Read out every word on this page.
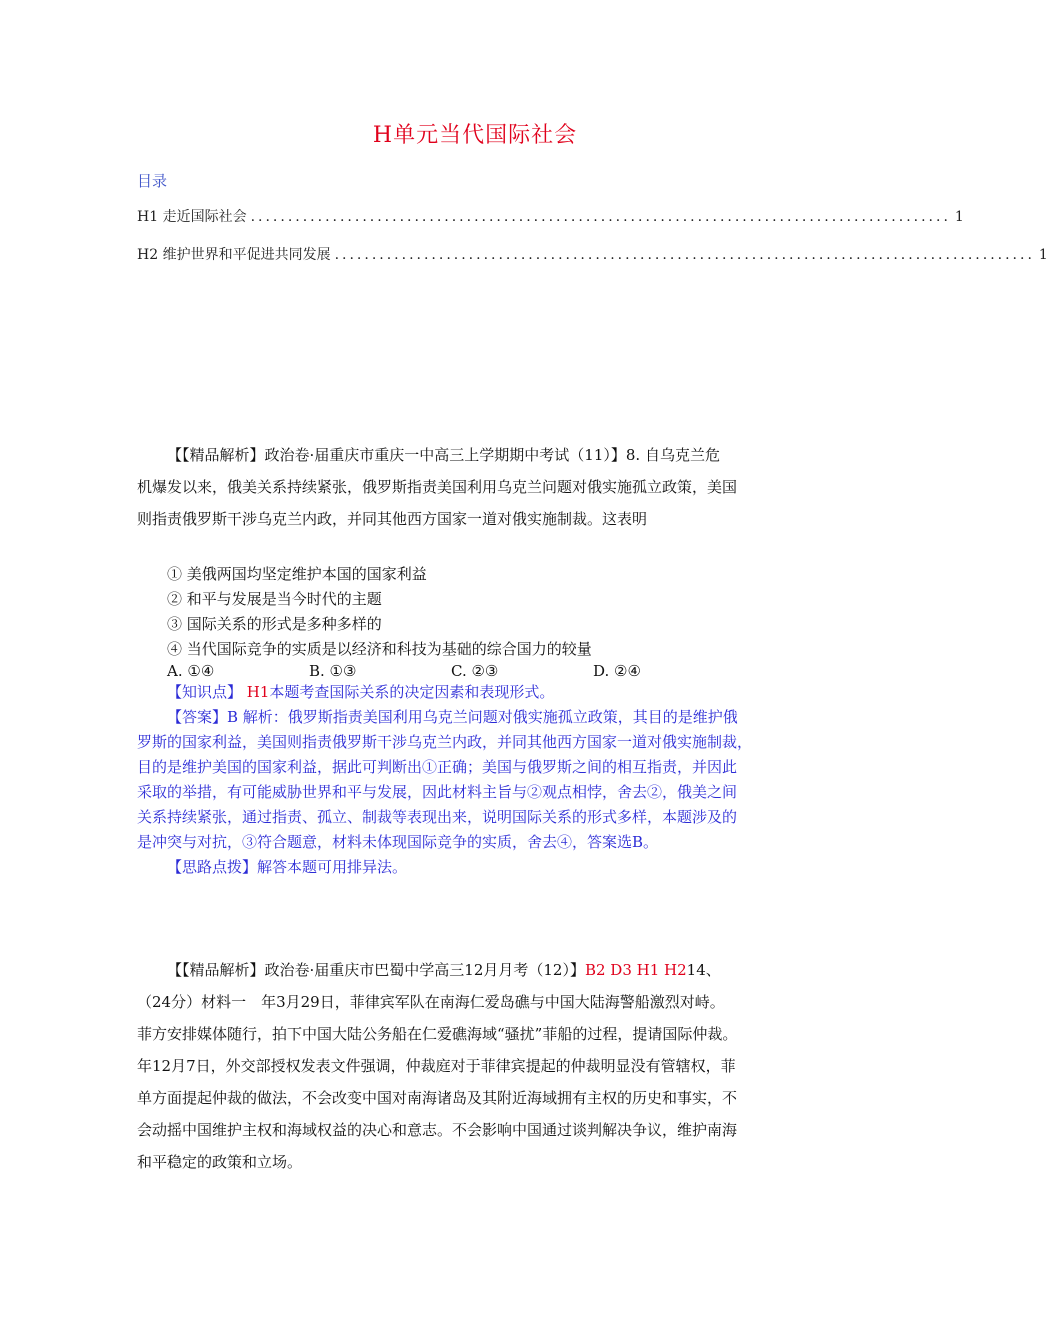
H单元当代国际社会
目录
H1 走近国际社会 .............................................................................................. 1
H2 维护世界和平促进共同发展 .............................................................................................. 1

【【精品解析】政治卷·届重庆市重庆一中高三上学期期中考试（11）】8. 自乌克兰危

机爆发以来，俄美关系持续紧张，俄罗斯指责美国利用乌克兰问题对俄实施孤立政策，美国

则指责俄罗斯干涉乌克兰内政，并同其他西方国家一道对俄实施制裁。这表明

① 美俄两国均坚定维护本国的国家利益

② 和平与发展是当今时代的主题

③ 国际关系的形式是多种多样的

④ 当代国际竞争的实质是以经济和科技为基础的综合国力的较量

A. ①④	B. ①③	C. ②③	D. ②④

【知识点】 H1本题考查国际关系的决定因素和表现形式。

【答案】B 解析：俄罗斯指责美国利用乌克兰问题对俄实施孤立政策，其目的是维护俄

罗斯的国家利益，美国则指责俄罗斯干涉乌克兰内政，并同其他西方国家一道对俄实施制裁，

目的是维护美国的国家利益，据此可判断出①正确；美国与俄罗斯之间的相互指责，并因此

采取的举措，有可能威胁世界和平与发展，因此材料主旨与②观点相悖，舍去②，俄美之间

关系持续紧张，通过指责、孤立、制裁等表现出来，说明国际关系的形式多样，本题涉及的

是冲突与对抗，③符合题意，材料未体现国际竞争的实质，舍去④，答案选B。

【思路点拨】解答本题可用排异法。

【【精品解析】政治卷·届重庆市巴蜀中学高三12月月考（12）】B2 D3 H1 H214、

（24分）材料一　年3月29日，菲律宾军队在南海仁爱岛礁与中国大陆海警船激烈对峙。

菲方安排媒体随行，拍下中国大陆公务船在仁爱礁海域“骚扰”菲船的过程，提请国际仲裁。

年12月7日，外交部授权发表文件强调，仲裁庭对于菲律宾提起的仲裁明显没有管辖权，菲

单方面提起仲裁的做法，不会改变中国对南海诸岛及其附近海域拥有主权的历史和事实，不

会动摇中国维护主权和海域权益的决心和意志。不会影响中国通过谈判解决争议，维护南海

和平稳定的政策和立场。
